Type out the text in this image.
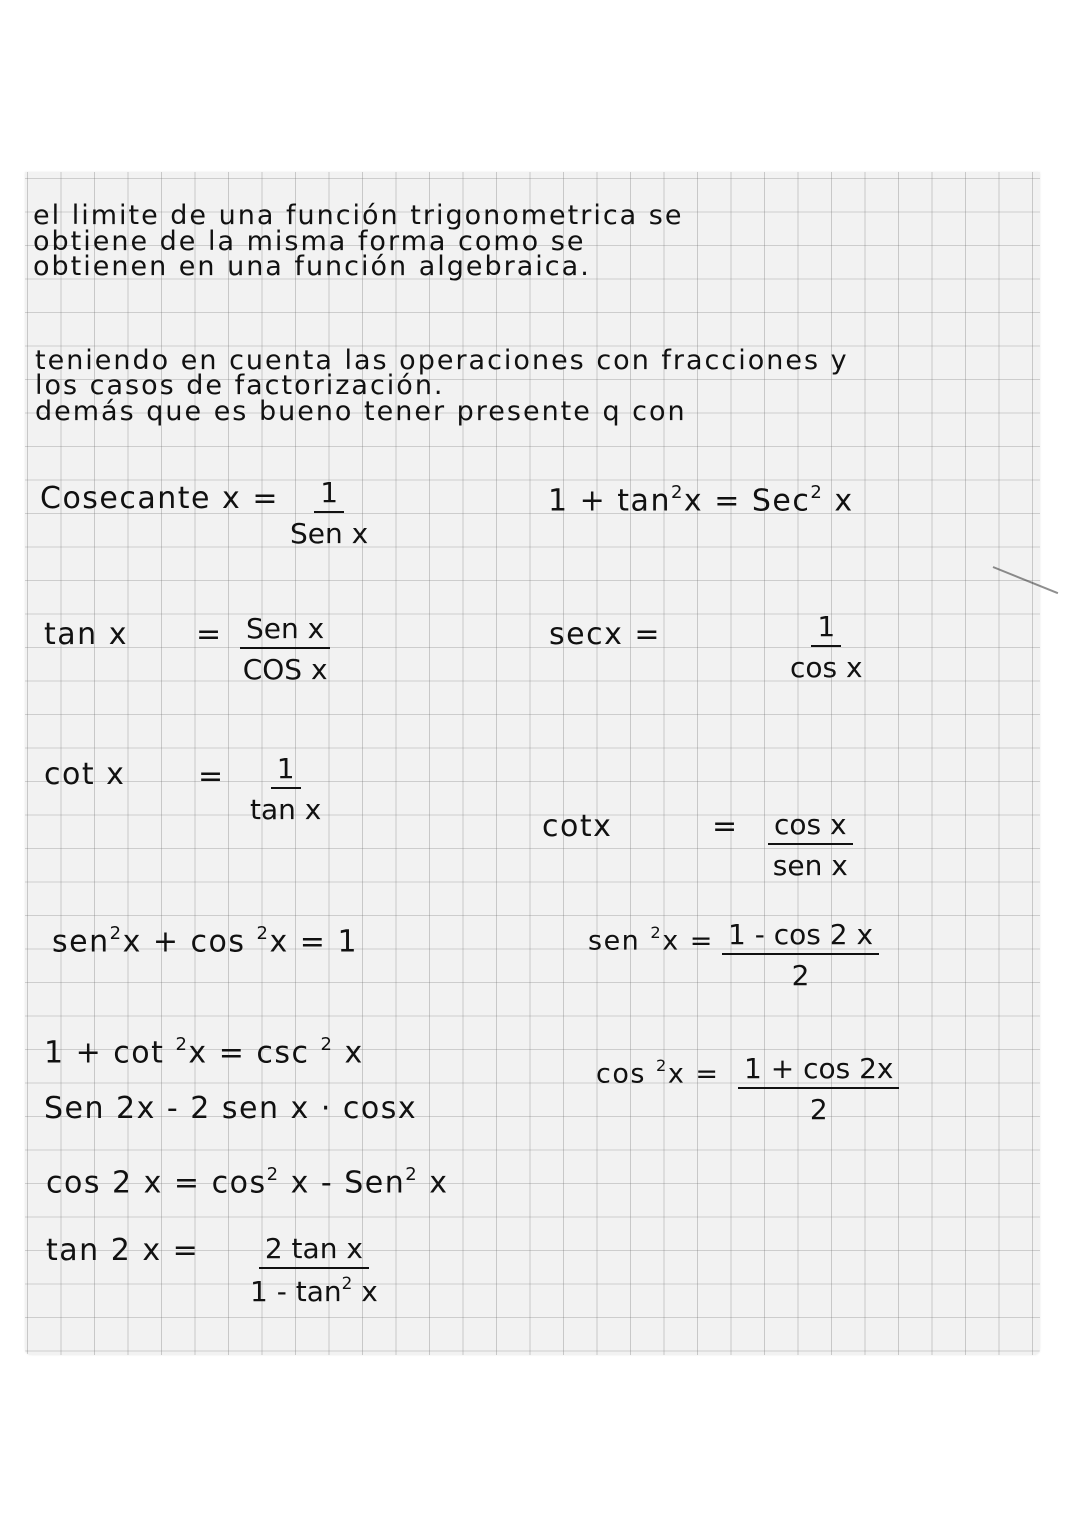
el limite de una función trigonometrica se
obtiene de la misma forma como se
obtienen en una función algebraica.
teniendo en cuenta las operaciones con fracciones y
los casos de factorización.
demás que es bueno tener presente q con
Cosecante x = 1
Sen x
$1 + \tan^2x = Sec^2$ x
tan x = Sen x
COS x
secx =	$\frac{1}{\text{cos x}}$
$\cot x = \frac{1}{\text{tan x}}$
cotx	= cos x
sen x
sen$^2$x + cos $^2$x = 1	sen $^2x = \frac{1 - \cos 2 x}{2}$
1 + cot $^2$x = csc $^2$ x
$\cos ^2x = \frac{1 + \cos 2x}{2}$
Sen 2x - 2 sen x · cosx
cos 2 $x = \cos^2 x - Sen^2$ x
tan 2 $x = \frac{\text{2 tan x}}{1 - \tan^2 x}$
